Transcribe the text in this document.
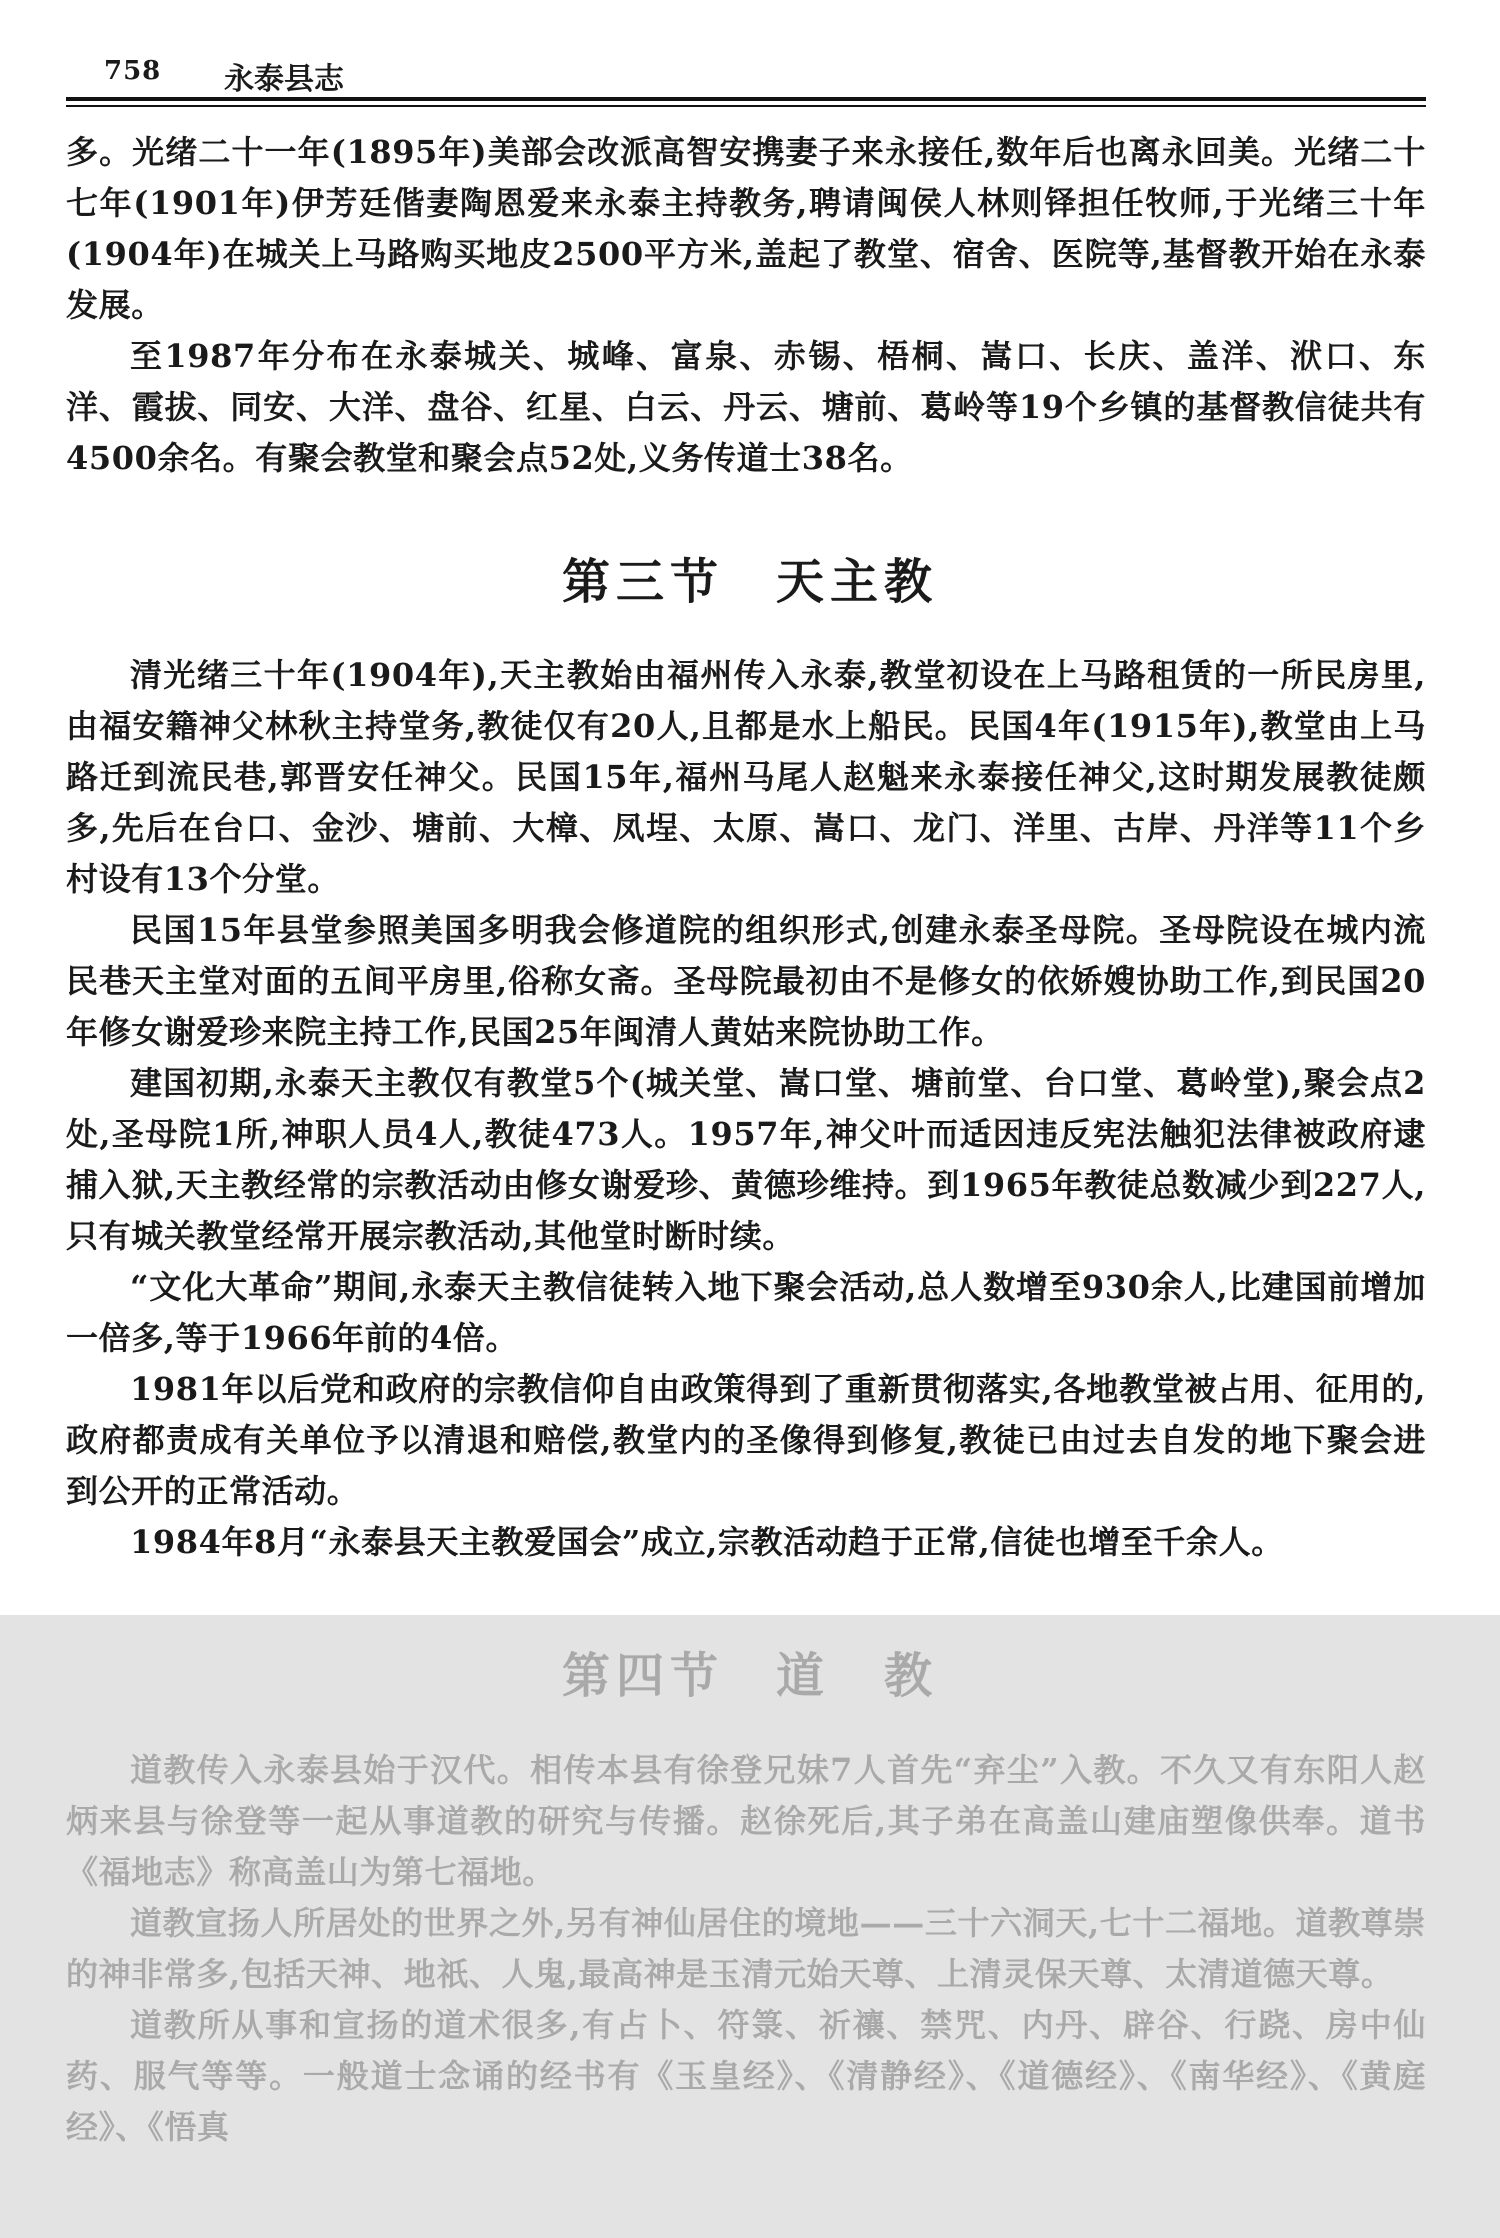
758 永泰县志

多。光绪二十一年(1895年)美部会改派高智安携妻子来永接任,数年后也离永回美。光绪二十七年(1901年)伊芳廷偕妻陶恩爱来永泰主持教务,聘请闽侯人林则铎担任牧师,于光绪三十年(1904年)在城关上马路购买地皮2500平方米,盖起了教堂、宿舍、医院等,基督教开始在永泰发展。

至1987年分布在永泰城关、城峰、富泉、赤锡、梧桐、嵩口、长庆、盖洋、洑口、东洋、霞拔、同安、大洋、盘谷、红星、白云、丹云、塘前、葛岭等19个乡镇的基督教信徒共有4500余名。有聚会教堂和聚会点52处,义务传道士38名。

第三节 天主教

清光绪三十年(1904年),天主教始由福州传入永泰,教堂初设在上马路租赁的一所民房里,由福安籍神父林秋主持堂务,教徒仅有20人,且都是水上船民。民国4年(1915年),教堂由上马路迁到流民巷,郭晋安任神父。民国15年,福州马尾人赵魁来永泰接任神父,这时期发展教徒颇多,先后在台口、金沙、塘前、大樟、凤埕、太原、嵩口、龙门、洋里、古岸、丹洋等11个乡村设有13个分堂。

民国15年县堂参照美国多明我会修道院的组织形式,创建永泰圣母院。圣母院设在城内流民巷天主堂对面的五间平房里,俗称女斋。圣母院最初由不是修女的依娇嫂协助工作,到民国20年修女谢爱珍来院主持工作,民国25年闽清人黄姑来院协助工作。

建国初期,永泰天主教仅有教堂5个(城关堂、嵩口堂、塘前堂、台口堂、葛岭堂),聚会点2处,圣母院1所,神职人员4人,教徒473人。1957年,神父叶而适因违反宪法触犯法律被政府逮捕入狱,天主教经常的宗教活动由修女谢爱珍、黄德珍维持。到1965年教徒总数减少到227人,只有城关教堂经常开展宗教活动,其他堂时断时续。

“文化大革命”期间,永泰天主教信徒转入地下聚会活动,总人数增至930余人,比建国前增加一倍多,等于1966年前的4倍。

1981年以后党和政府的宗教信仰自由政策得到了重新贯彻落实,各地教堂被占用、征用的,政府都责成有关单位予以清退和赔偿,教堂内的圣像得到修复,教徒已由过去自发的地下聚会进到公开的正常活动。

1984年8月“永泰县天主教爱国会”成立,宗教活动趋于正常,信徒也增至千余人。

第四节 道　教

道教传入永泰县始于汉代。相传本县有徐登兄妹7人首先“弃尘”入教。不久又有东阳人赵炳来县与徐登等一起从事道教的研究与传播。赵徐死后,其子弟在高盖山建庙塑像供奉。道书《福地志》称高盖山为第七福地。

道教宣扬人所居处的世界之外,另有神仙居住的境地——三十六洞天,七十二福地。道教尊崇的神非常多,包括天神、地祇、人鬼,最高神是玉清元始天尊、上清灵保天尊、太清道德天尊。

道教所从事和宣扬的道术很多,有占卜、符箓、祈禳、禁咒、内丹、辟谷、行跷、房中仙药、服气等等。一般道士念诵的经书有《玉皇经》、《清静经》、《道德经》、《南华经》、《黄庭经》、《悟真
